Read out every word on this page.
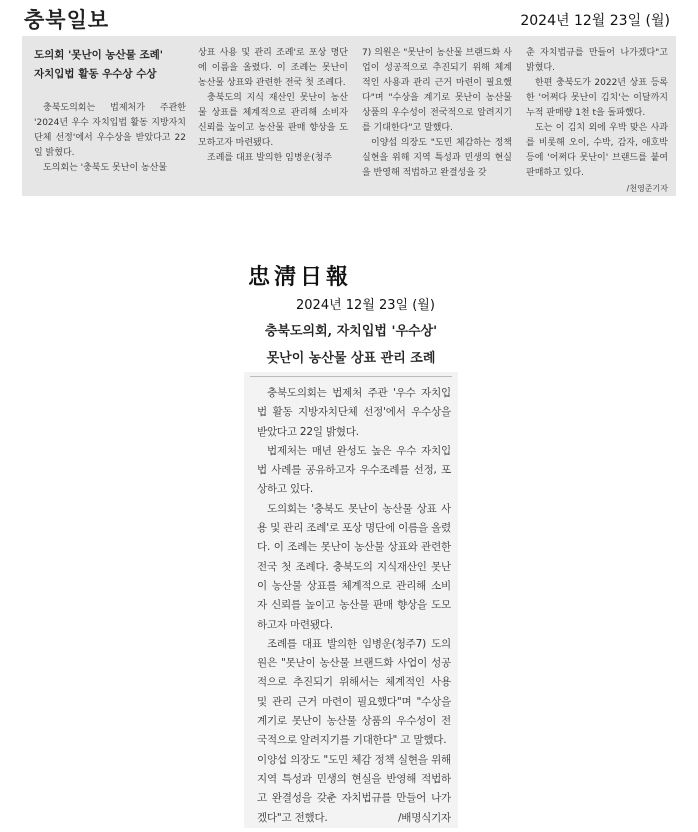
충북일보	2024년 12월 23일 (월)
도의회 '못난이 농산물 조례'
자치입법 활동 우수상 수상

충북도의회는 법제처가 주관한 '2024년 우수 자치입법 활동 지방자치단체 선정'에서 우수상을 받았다고 22일 밝혔다.

도의회는 '충북도 못난이 농산물

상표 사용 및 관리 조례'로 포상 명단에 이름을 올렸다. 이 조례는 못난이 농산물 상표와 관련한 전국 첫 조례다.

충북도의 지식 재산인 못난이 농산물 상표를 체계적으로 관리해 소비자 신뢰를 높이고 농산물 판매 향상을 도모하고자 마련됐다.

조례를 대표 발의한 임병운(청주

7) 의원은 "못난이 농산물 브랜드화 사업이 성공적으로 추진되기 위해 체계적인 사용과 관리 근거 마련이 필요했다"며 "수상을 계기로 못난이 농산물 상품의 우수성이 전국적으로 알려지기를 기대한다"고 말했다.

이양섭 의장도 "도민 체감하는 정책 실현을 위해 지역 특성과 민생의 현실을 반영해 적법하고 완결성을 갖

춘 자치법규를 만들어 나가겠다"고 밝혔다.

한편 충북도가 2022년 상표 등록한 '어쩌다 못난이 김치'는 이달까지 누적 판매량 1천 t을 돌파했다.

도는 이 김치 외에 우박 맞은 사과를 비롯해 오이, 수박, 감자, 애호박 등에 '어쩌다 못난이' 브랜드를 붙여 판매하고 있다.

/천영준기자
忠淸日報
2024년 12월 23일 (월)
충북도의회, 자치입법 '우수상'
못난이 농산물 상표 관리 조례

충북도의회는 법제처 주관 '우수 자치입법 활동 지방자치단체 선정'에서 우수상을 받았다고 22일 밝혔다.

법제처는 매년 완성도 높은 우수 자치입법 사례를 공유하고자 우수조례를 선정, 포상하고 있다.

도의회는 '충북도 못난이 농산물 상표 사용 및 관리 조례'로 포상 명단에 이름을 올렸다. 이 조례는 못난이 농산물 상표와 관련한 전국 첫 조례다. 충북도의 지식재산인 못난이 농산물 상표를 체계적으로 관리해 소비자 신뢰를 높이고 농산물 판매 향상을 도모하고자 마련됐다.

조례를 대표 발의한 임병운(청주7) 도의원은 "못난이 농산물 브랜드화 사업이 성공적으로 추진되기 위해서는 체계적인 사용 및 관리 근거 마련이 필요했다"며 "수상을 계기로 못난이 농산물 상품의 우수성이 전국적으로 알려지기를 기대한다" 고 말했다.

이양섭 의장도 "도민 체감 정책 실현을 위해 지역 특성과 민생의 현실을 반영해 적법하고 완결성을 갖춘 자치법규를 만들어 나가겠다"고 전했다.	/배명식기자
